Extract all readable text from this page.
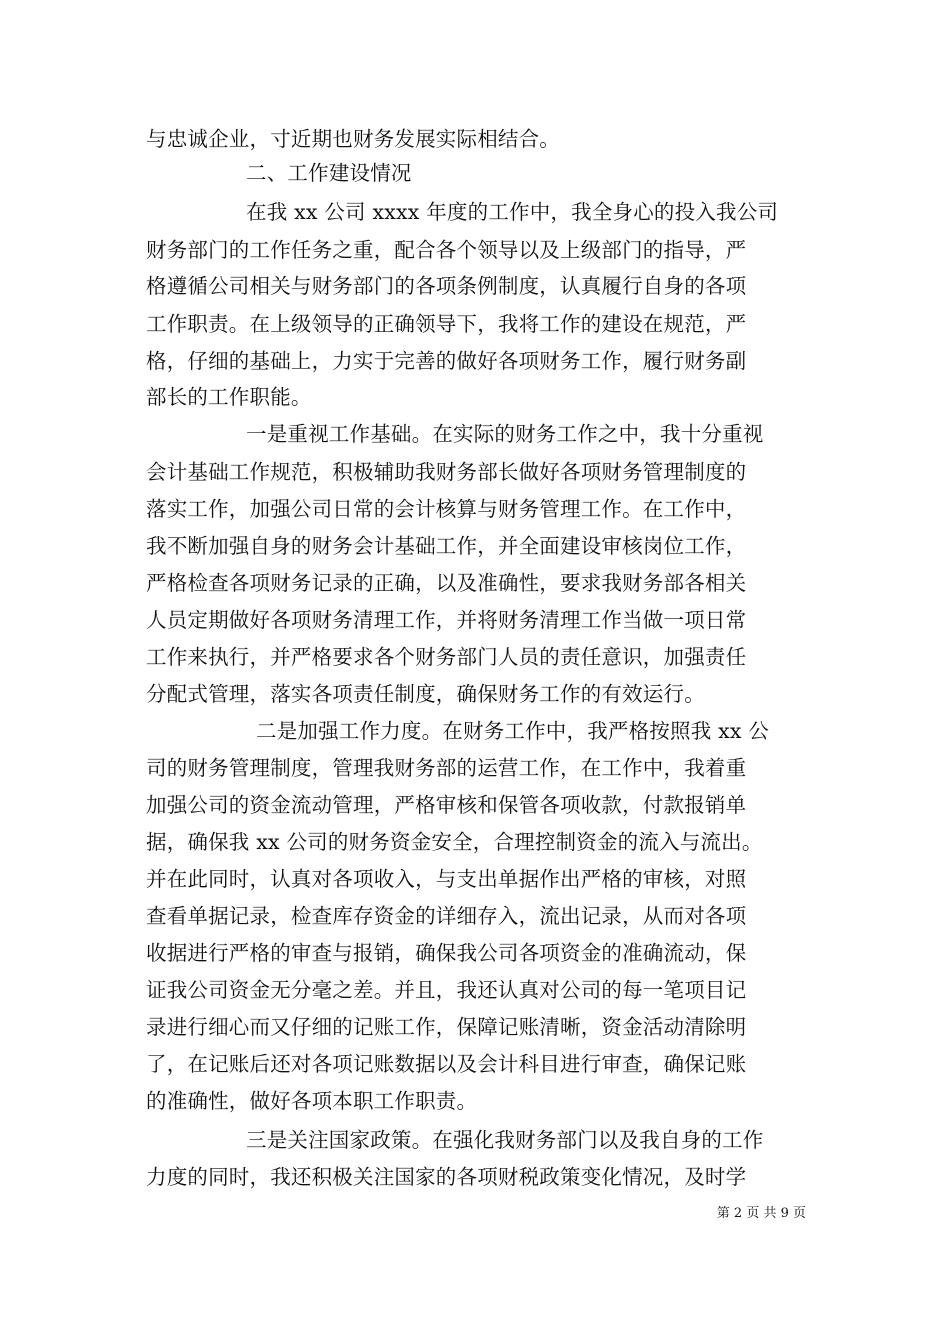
与忠诚企业，寸近期也财务发展实际相结合。
二、工作建设情况
在我 xx 公司 xxxx 年度的工作中，我全身心的投入我公司
财务部门的工作任务之重，配合各个领导以及上级部门的指导，严
格遵循公司相关与财务部门的各项条例制度，认真履行自身的各项
工作职责。在上级领导的正确领导下，我将工作的建设在规范，严
格，仔细的基础上，力实于完善的做好各项财务工作，履行财务副
部长的工作职能。
一是重视工作基础。在实际的财务工作之中，我十分重视
会计基础工作规范，积极辅助我财务部长做好各项财务管理制度的
落实工作，加强公司日常的会计核算与财务管理工作。在工作中，
我不断加强自身的财务会计基础工作，并全面建设审核岗位工作，
严格检查各项财务记录的正确，以及准确性，要求我财务部各相关
人员定期做好各项财务清理工作，并将财务清理工作当做一项日常
工作来执行，并严格要求各个财务部门人员的责任意识，加强责任
分配式管理，落实各项责任制度，确保财务工作的有效运行。
二是加强工作力度。在财务工作中，我严格按照我 xx 公
司的财务管理制度，管理我财务部的运营工作，在工作中，我着重
加强公司的资金流动管理，严格审核和保管各项收款，付款报销单
据，确保我 xx 公司的财务资金安全，合理控制资金的流入与流出。
并在此同时，认真对各项收入，与支出单据作出严格的审核，对照
查看单据记录，检查库存资金的详细存入，流出记录，从而对各项
收据进行严格的审查与报销，确保我公司各项资金的准确流动，保
证我公司资金无分毫之差。并且，我还认真对公司的每一笔项目记
录进行细心而又仔细的记账工作，保障记账清晰，资金活动清除明
了，在记账后还对各项记账数据以及会计科目进行审查，确保记账
的准确性，做好各项本职工作职责。
三是关注国家政策。在强化我财务部门以及我自身的工作
力度的同时，我还积极关注国家的各项财税政策变化情况，及时学
第 2 页 共 9 页
